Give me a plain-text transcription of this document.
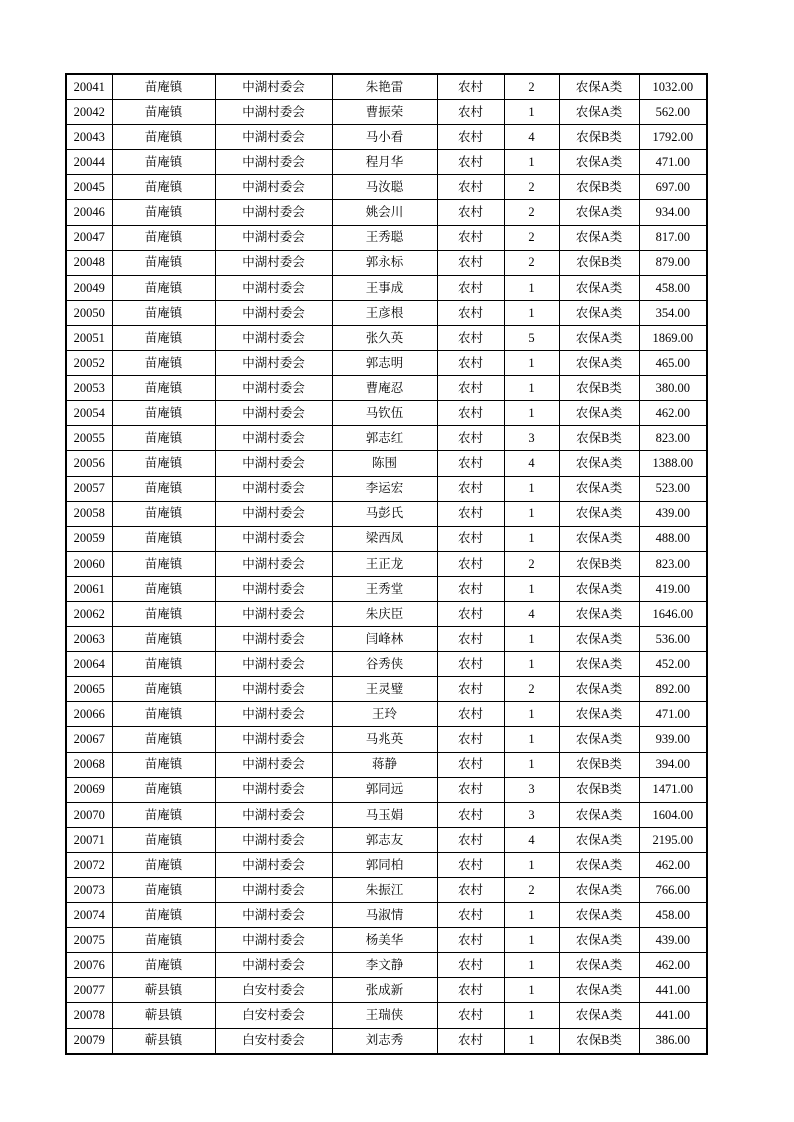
20041	苗庵镇	中湖村委会	朱艳雷	农村	2	农保A类	1032.00
20042	苗庵镇	中湖村委会	曹振荣	农村	1	农保A类	562.00
20043	苗庵镇	中湖村委会	马小看	农村	4	农保B类	1792.00
20044	苗庵镇	中湖村委会	程月华	农村	1	农保A类	471.00
20045	苗庵镇	中湖村委会	马汝聪	农村	2	农保B类	697.00
20046	苗庵镇	中湖村委会	姚会川	农村	2	农保A类	934.00
20047	苗庵镇	中湖村委会	王秀聪	农村	2	农保A类	817.00
20048	苗庵镇	中湖村委会	郭永标	农村	2	农保B类	879.00
20049	苗庵镇	中湖村委会	王事成	农村	1	农保A类	458.00
20050	苗庵镇	中湖村委会	王彦根	农村	1	农保A类	354.00
20051	苗庵镇	中湖村委会	张久英	农村	5	农保A类	1869.00
20052	苗庵镇	中湖村委会	郭志明	农村	1	农保A类	465.00
20053	苗庵镇	中湖村委会	曹庵忍	农村	1	农保B类	380.00
20054	苗庵镇	中湖村委会	马钦伍	农村	1	农保A类	462.00
20055	苗庵镇	中湖村委会	郭志红	农村	3	农保B类	823.00
20056	苗庵镇	中湖村委会	陈围	农村	4	农保A类	1388.00
20057	苗庵镇	中湖村委会	李运宏	农村	1	农保A类	523.00
20058	苗庵镇	中湖村委会	马彭氏	农村	1	农保A类	439.00
20059	苗庵镇	中湖村委会	梁西凤	农村	1	农保A类	488.00
20060	苗庵镇	中湖村委会	王正龙	农村	2	农保B类	823.00
20061	苗庵镇	中湖村委会	王秀堂	农村	1	农保A类	419.00
20062	苗庵镇	中湖村委会	朱庆臣	农村	4	农保A类	1646.00
20063	苗庵镇	中湖村委会	闫峰林	农村	1	农保A类	536.00
20064	苗庵镇	中湖村委会	谷秀侠	农村	1	农保A类	452.00
20065	苗庵镇	中湖村委会	王灵璧	农村	2	农保A类	892.00
20066	苗庵镇	中湖村委会	王玲	农村	1	农保A类	471.00
20067	苗庵镇	中湖村委会	马兆英	农村	1	农保A类	939.00
20068	苗庵镇	中湖村委会	蒋静	农村	1	农保B类	394.00
20069	苗庵镇	中湖村委会	郭同远	农村	3	农保B类	1471.00
20070	苗庵镇	中湖村委会	马玉娟	农村	3	农保A类	1604.00
20071	苗庵镇	中湖村委会	郭志友	农村	4	农保A类	2195.00
20072	苗庵镇	中湖村委会	郭同柏	农村	1	农保A类	462.00
20073	苗庵镇	中湖村委会	朱振江	农村	2	农保A类	766.00
20074	苗庵镇	中湖村委会	马淑情	农村	1	农保A类	458.00
20075	苗庵镇	中湖村委会	杨美华	农村	1	农保A类	439.00
20076	苗庵镇	中湖村委会	李文静	农村	1	农保A类	462.00
20077	蕲县镇	白安村委会	张成新	农村	1	农保A类	441.00
20078	蕲县镇	白安村委会	王瑞侠	农村	1	农保A类	441.00
20079	蕲县镇	白安村委会	刘志秀	农村	1	农保B类	386.00
